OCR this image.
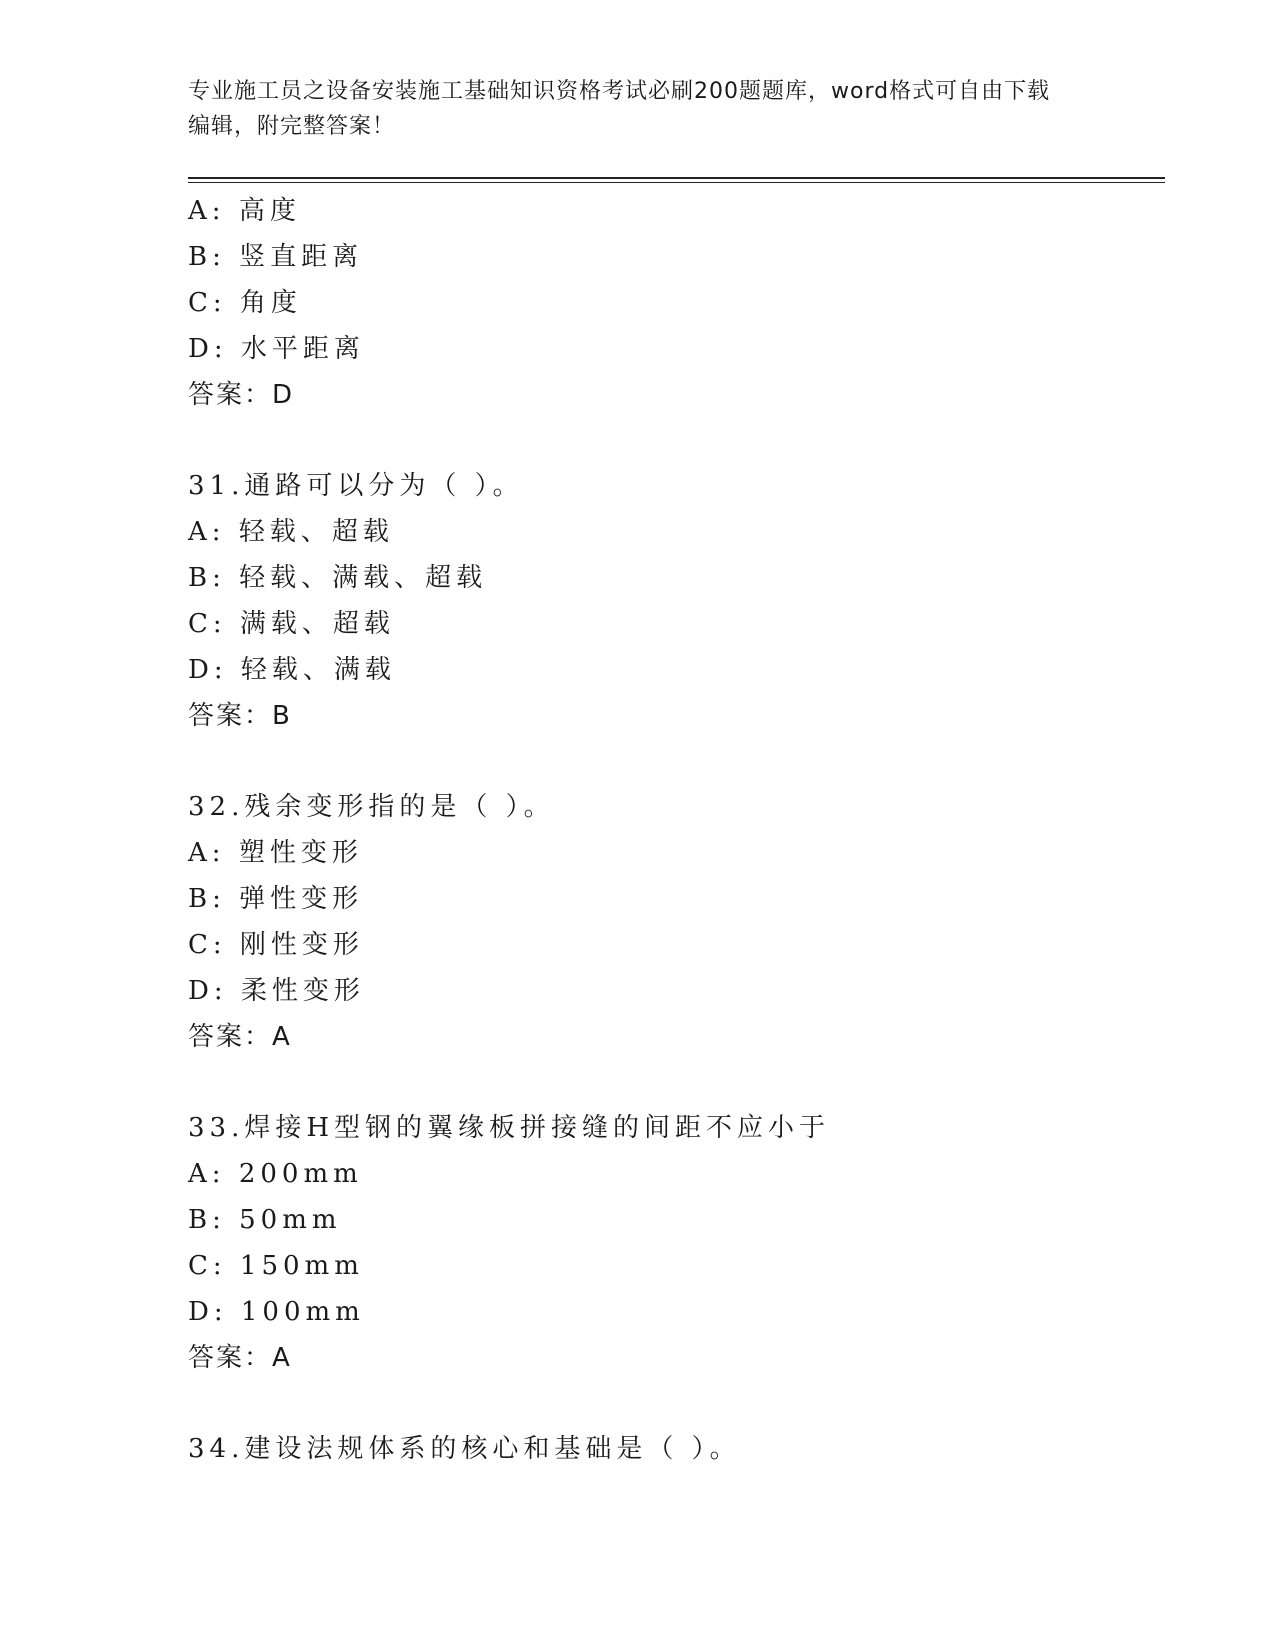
专业施工员之设备安装施工基础知识资格考试必刷200题题库，word格式可自由下载编辑，附完整答案！
A: 高度
B: 竖直距离
C: 角度
D: 水平距离
答案：D
31.通路可以分为（ ）。
A: 轻载、超载
B: 轻载、满载、超载
C: 满载、超载
D: 轻载、满载
答案：B
32.残余变形指的是（ ）。
A: 塑性变形
B: 弹性变形
C: 刚性变形
D: 柔性变形
答案：A
33.焊接H型钢的翼缘板拼接缝的间距不应小于
A: 200mm
B: 50mm
C: 150mm
D: 100mm
答案：A
34.建设法规体系的核心和基础是（ ）。
